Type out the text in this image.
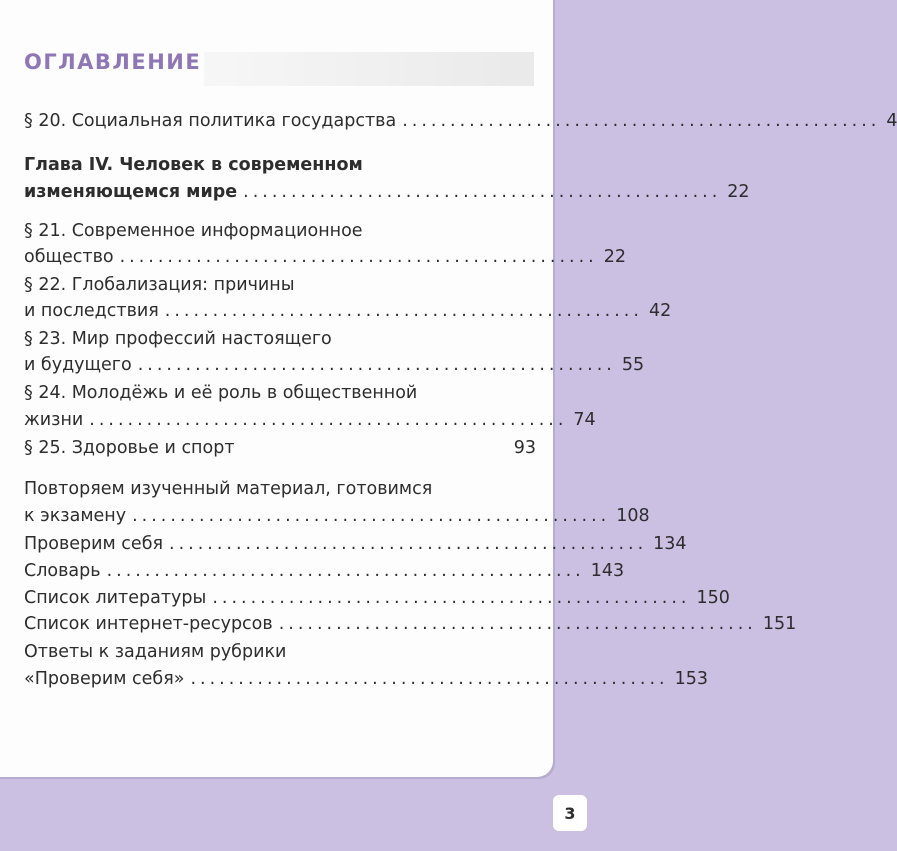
ОГЛАВЛЕНИЕ
§ 20. Социальная политика государства .................................................. 4
Глава IV. Человек в современном
изменяющемся мире .................................................. 22
§ 21. Современное информационное
общество .................................................. 22
§ 22. Глобализация: причины
и последствия .................................................. 42
§ 23. Мир профессий настоящего
и будущего .................................................. 55
§ 24. Молодёжь и её роль в общественной
жизни .................................................. 74
§ 25. Здоровье и спорт
	93
Повторяем изученный материал, готовимся
к экзамену .................................................. 108
Проверим себя .................................................. 134
Словарь .................................................. 143
Список литературы .................................................. 150
Список интернет-ресурсов .................................................. 151
Ответы к заданиям рубрики
«Проверим себя» .................................................. 153
3
